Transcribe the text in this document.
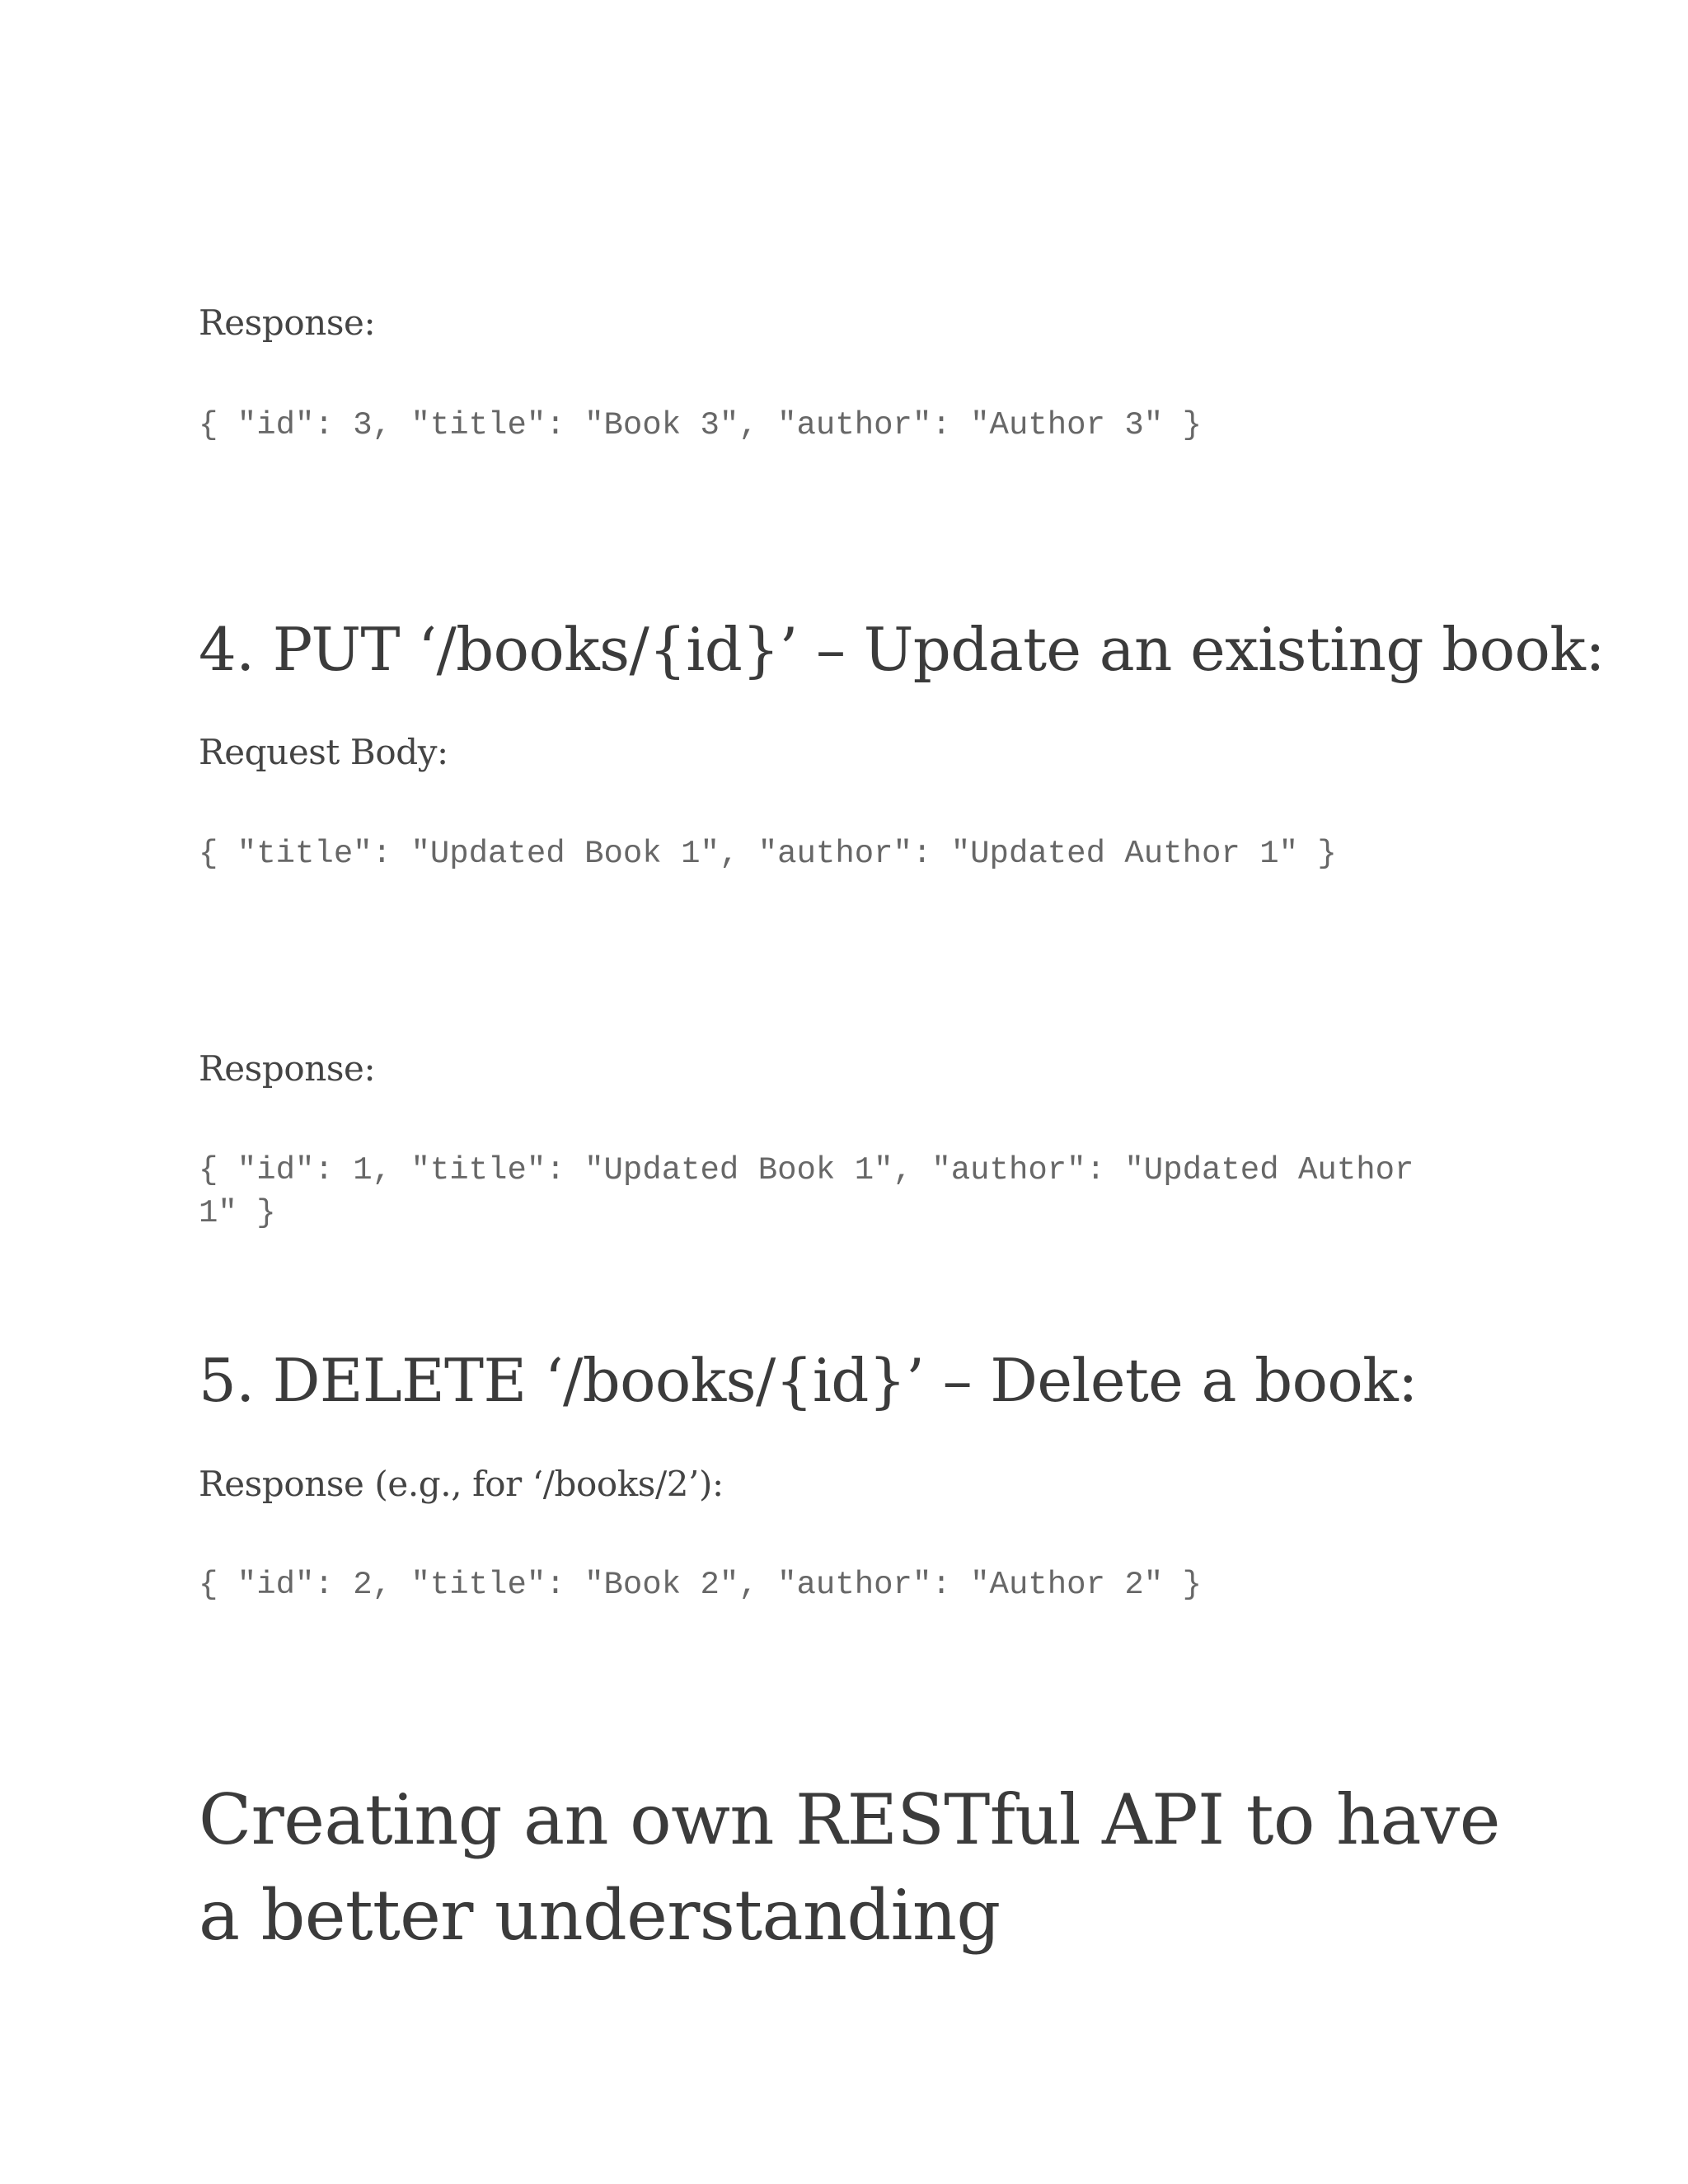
Response:
{ "id": 3, "title": "Book 3", "author": "Author 3" }
4. PUT ‘/books/{id}’ – Update an existing book:
Request Body:
{ "title": "Updated Book 1", "author": "Updated Author 1" }
Response:
{ "id": 1, "title": "Updated Book 1", "author": "Updated Author
1" }
5. DELETE ‘/books/{id}’ – Delete a book:
Response (e.g., for ‘/books/2’):
{ "id": 2, "title": "Book 2", "author": "Author 2" }
Creating an own RESTful API to have a better understanding
